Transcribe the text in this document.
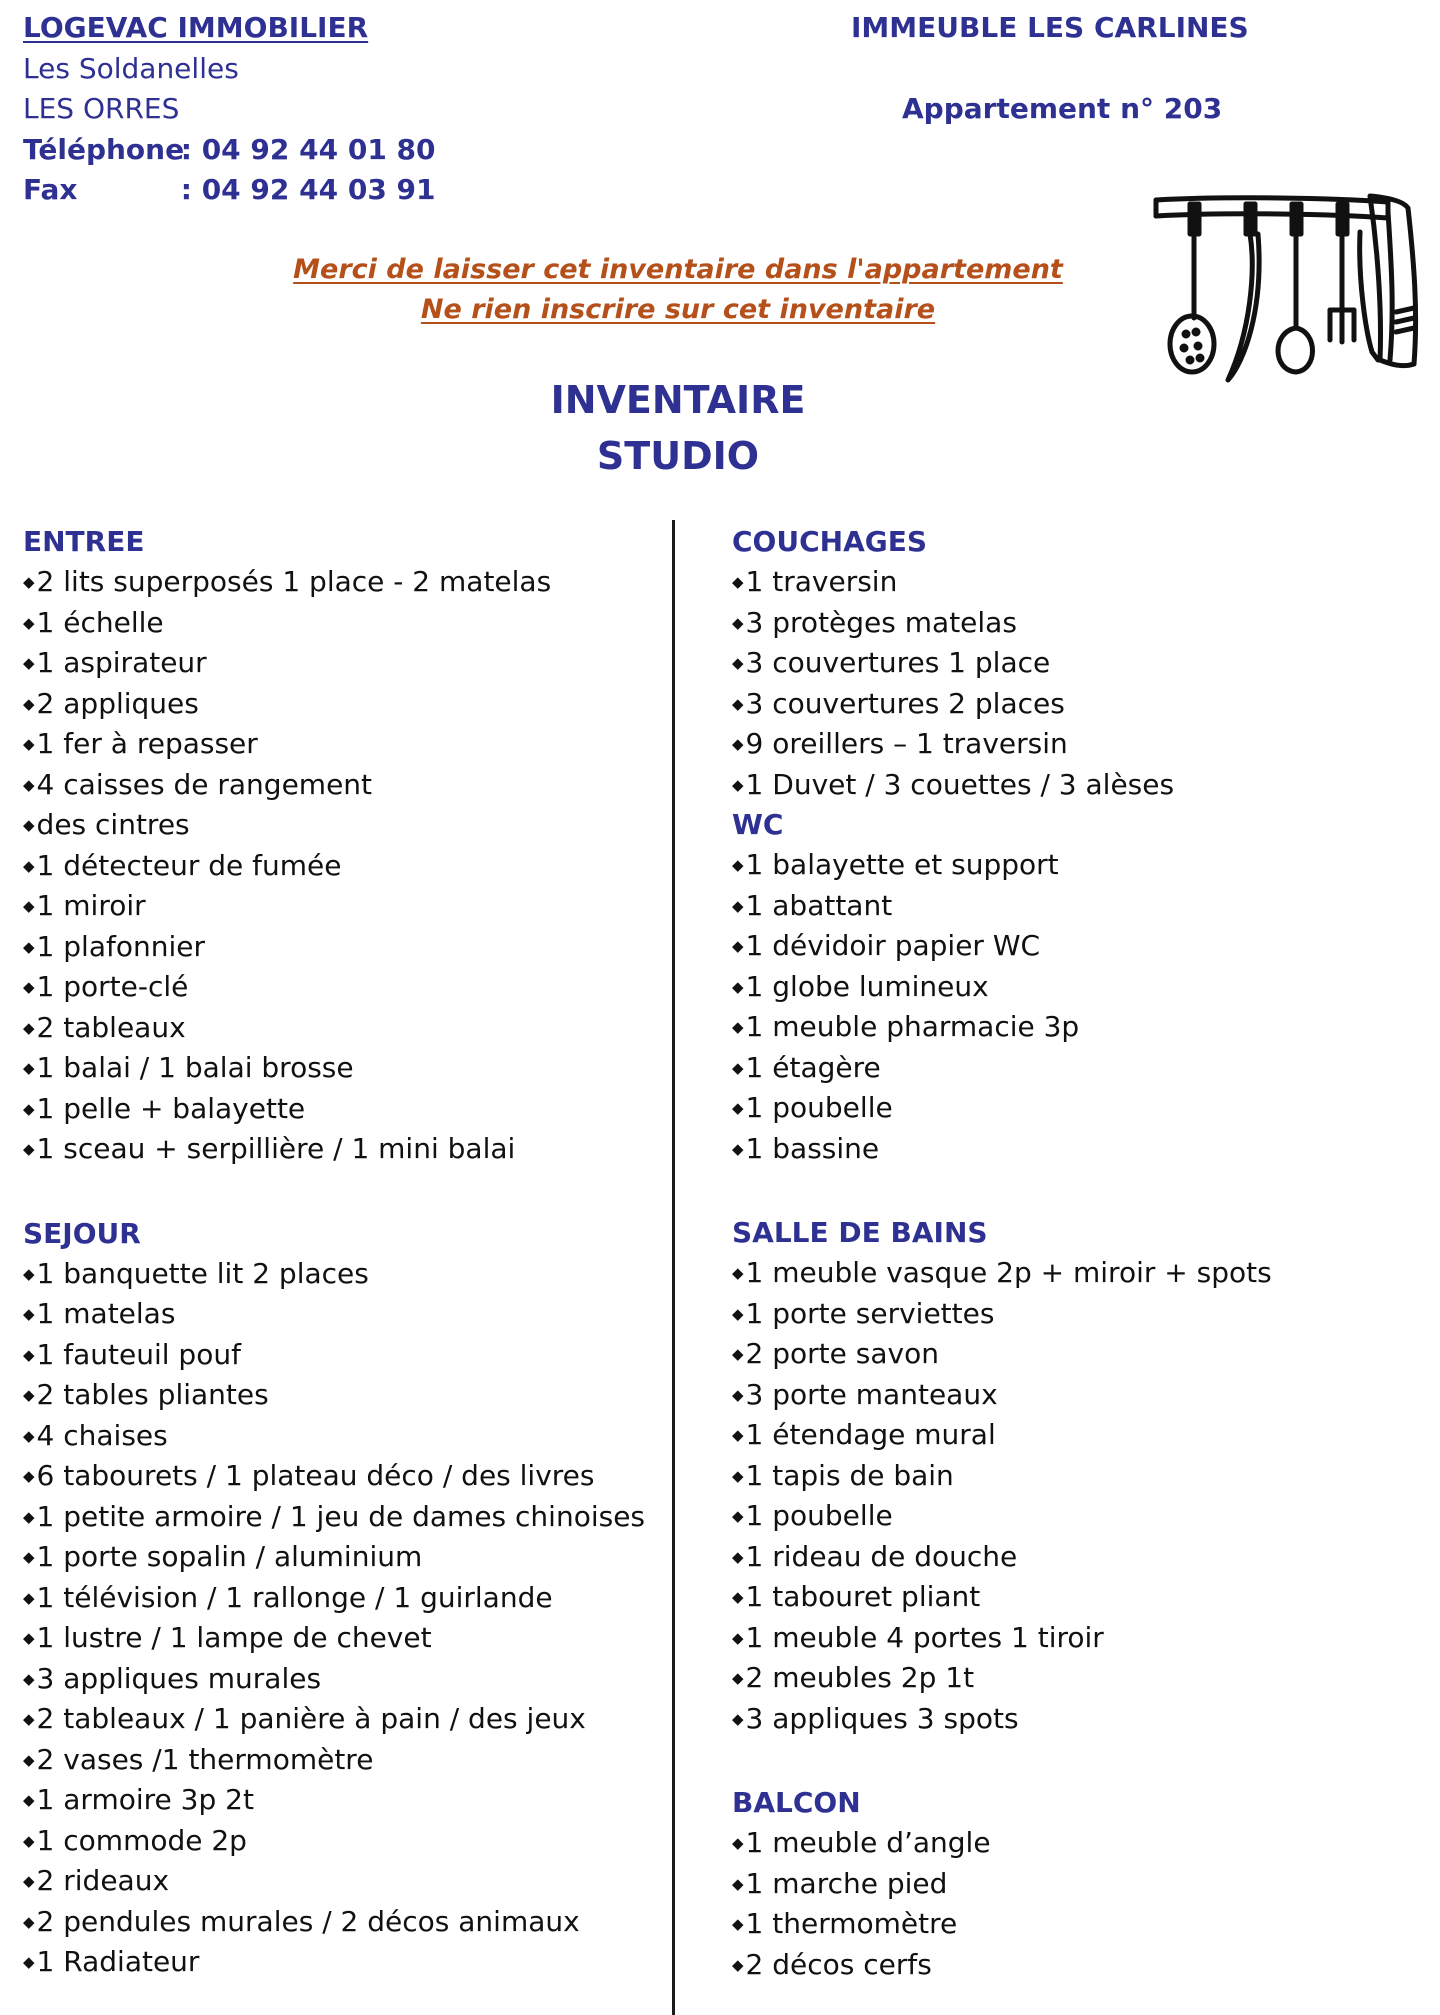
LOGEVAC IMMOBILIER
Les Soldanelles
LES ORRES
Téléphone : 04 92 44 01 80
Fax	: 04 92 44 03 91
IMMEUBLE LES CARLINES
Appartement n° 203
Merci de laisser cet inventaire dans l'appartement
Ne rien inscrire sur cet inventaire
INVENTAIRE
STUDIO
ENTREE
◆ 2 lits superposés 1 place - 2 matelas
◆ 1 échelle
◆ 1 aspirateur
◆ 2 appliques
◆ 1 fer à repasser
◆ 4 caisses de rangement
◆ des cintres
◆ 1 détecteur de fumée
◆ 1 miroir
◆ 1 plafonnier
◆ 1 porte-clé
◆ 2 tableaux
◆ 1 balai / 1 balai brosse
◆ 1 pelle + balayette
◆ 1 sceau + serpillière / 1 mini balai
SEJOUR
◆ 1 banquette lit 2 places
◆ 1 matelas
◆ 1 fauteuil pouf
◆ 2 tables pliantes
◆ 4 chaises
◆ 6 tabourets / 1 plateau déco / des livres
◆ 1 petite armoire / 1 jeu de dames chinoises
◆ 1 porte sopalin / aluminium
◆ 1 télévision / 1 rallonge / 1 guirlande
◆ 1 lustre / 1 lampe de chevet
◆ 3 appliques murales
◆ 2 tableaux / 1 panière à pain / des jeux
◆ 2 vases /1 thermomètre
◆ 1 armoire 3p 2t
◆ 1 commode 2p
◆ 2 rideaux
◆ 2 pendules murales / 2 décos animaux
◆ 1 Radiateur
COUCHAGES
◆ 1 traversin
◆ 3 protèges matelas
◆ 3 couvertures 1 place
◆ 3 couvertures 2 places
◆ 9 oreillers – 1 traversin
◆ 1 Duvet / 3 couettes / 3 alèses
WC
◆ 1 balayette et support
◆ 1 abattant
◆ 1 dévidoir papier WC
◆ 1 globe lumineux
◆ 1 meuble pharmacie 3p
◆ 1 étagère
◆ 1 poubelle
◆ 1 bassine
SALLE DE BAINS
◆ 1 meuble vasque 2p + miroir + spots
◆ 1 porte serviettes
◆ 2 porte savon
◆ 3 porte manteaux
◆ 1 étendage mural
◆ 1 tapis de bain
◆ 1 poubelle
◆ 1 rideau de douche
◆ 1 tabouret pliant
◆ 1 meuble 4 portes 1 tiroir
◆ 2 meubles 2p 1t
◆ 3 appliques 3 spots
BALCON
◆ 1 meuble d’angle
◆ 1 marche pied
◆ 1 thermomètre
◆ 2 décos cerfs
